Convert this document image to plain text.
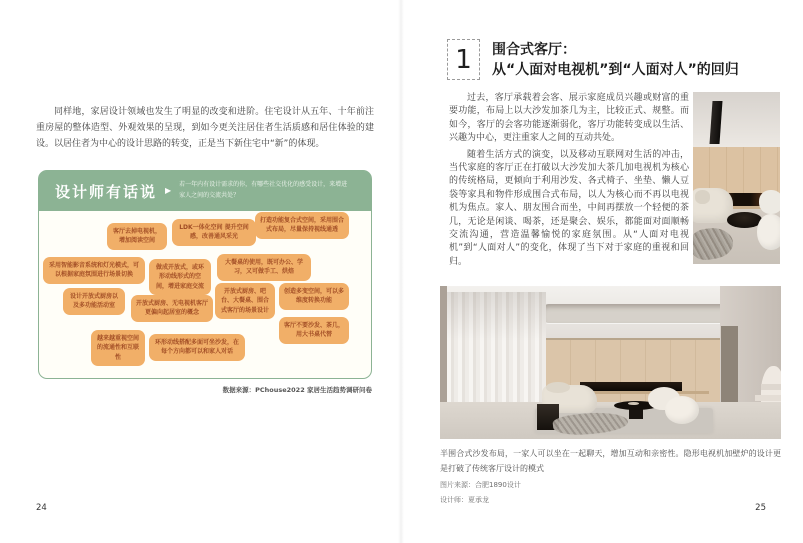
同样地，家居设计领域也发生了明显的改变和进阶。住宅设计从五年、十年前注重房屋的整体造型、外观效果的呈现，到如今更关注居住者生活质感和居住体验的建设。以居住者为中心的设计思路的转变，正是当下新住宅中“新”的体现。
设计师有话说 ▶
若一年内有设计需求的你，有哪些社交优化的感受设计，来增进家人之间的交流共处？
客厅去掉电视机，增加阅读空间
LDK一体化空间 提升空间感，改善通风采光
打造功能复合式空间，采用围合式布局，尽量保持视线通透
采用智能影音系统和灯光模式，可以根据家庭氛围进行场景切换
做成开放式，或环形动线形式的空间，增进家庭交流
大餐桌的使用，既可办公、学习，又可做手工、烘焙
设计开放式厨房以及多功能活动室	开放式厨房、无电视机客厅更偏向起居室的概念
开放式厨房、吧台、大餐桌、围合式客厅的场景设计
创造多变空间，可以多维度转换功能
越来越重视空间的流通性和互联性
环形动线搭配多面可坐沙发，在每个方向都可以和家人对话
客厅不要沙发、茶几，用大书桌代替
数据来源：PChouse2022 家居生活趋势调研问卷
24
1 围合式客厅：
从“人面对电视机”到“人面对人”的回归

过去，客厅承载着会客、展示家庭成员兴趣或财富的重要功能，布局上以大沙发加茶几为主，比较正式、规整。而如今，客厅的会客功能逐渐弱化，客厅功能转变成以生活、兴趣为中心，更注重家人之间的互动共处。

随着生活方式的演变，以及移动互联网对生活的冲击，当代家庭的客厅正在打破以大沙发加大茶几加电视机为核心的传统格局，更倾向于利用沙发、各式椅子、坐垫、懒人豆袋等家具和物件形成围合式布局，以人为核心而不再以电视机为焦点。家人、朋友围合而坐，中间再摆放一个轻便的茶几，无论是闲谈、喝茶，还是聚会、娱乐，都能面对面顺畅交流沟通，营造温馨愉悦的家庭氛围。从“人面对电视机”到“人面对人”的变化，体现了当下对于家庭的重视和回归。

半围合式沙发布局，一家人可以坐在一起聊天，增加互动和亲密性。隐形电视机加壁炉的设计更是打破了传统客厅设计的模式
图片来源：合肥1890设计
设计师：夏承龙
25
